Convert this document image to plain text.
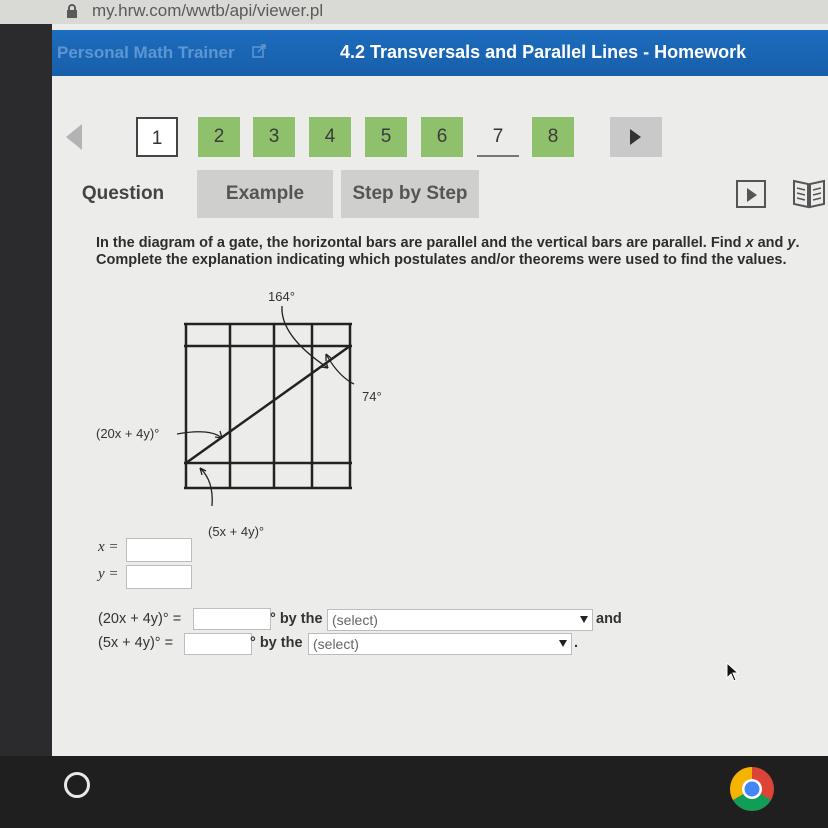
my.hrw.com/wwtb/api/viewer.pl
Personal Math Trainer	4.2 Transversals and Parallel Lines - Homework
1	2	3	4	5	6	7	8
Question	Example	Step by Step
In the diagram of a gate, the horizontal bars are parallel and the vertical bars are parallel. Find x and y.
Complete the explanation indicating which postulates and/or theorems were used to find the values.
164°
74°
(20x + 4y)°
(5x + 4y)°
x =
y =
(20x + 4y)° =	° by the (select)	and
(5x + 4y)° =	° by the (select)	.
